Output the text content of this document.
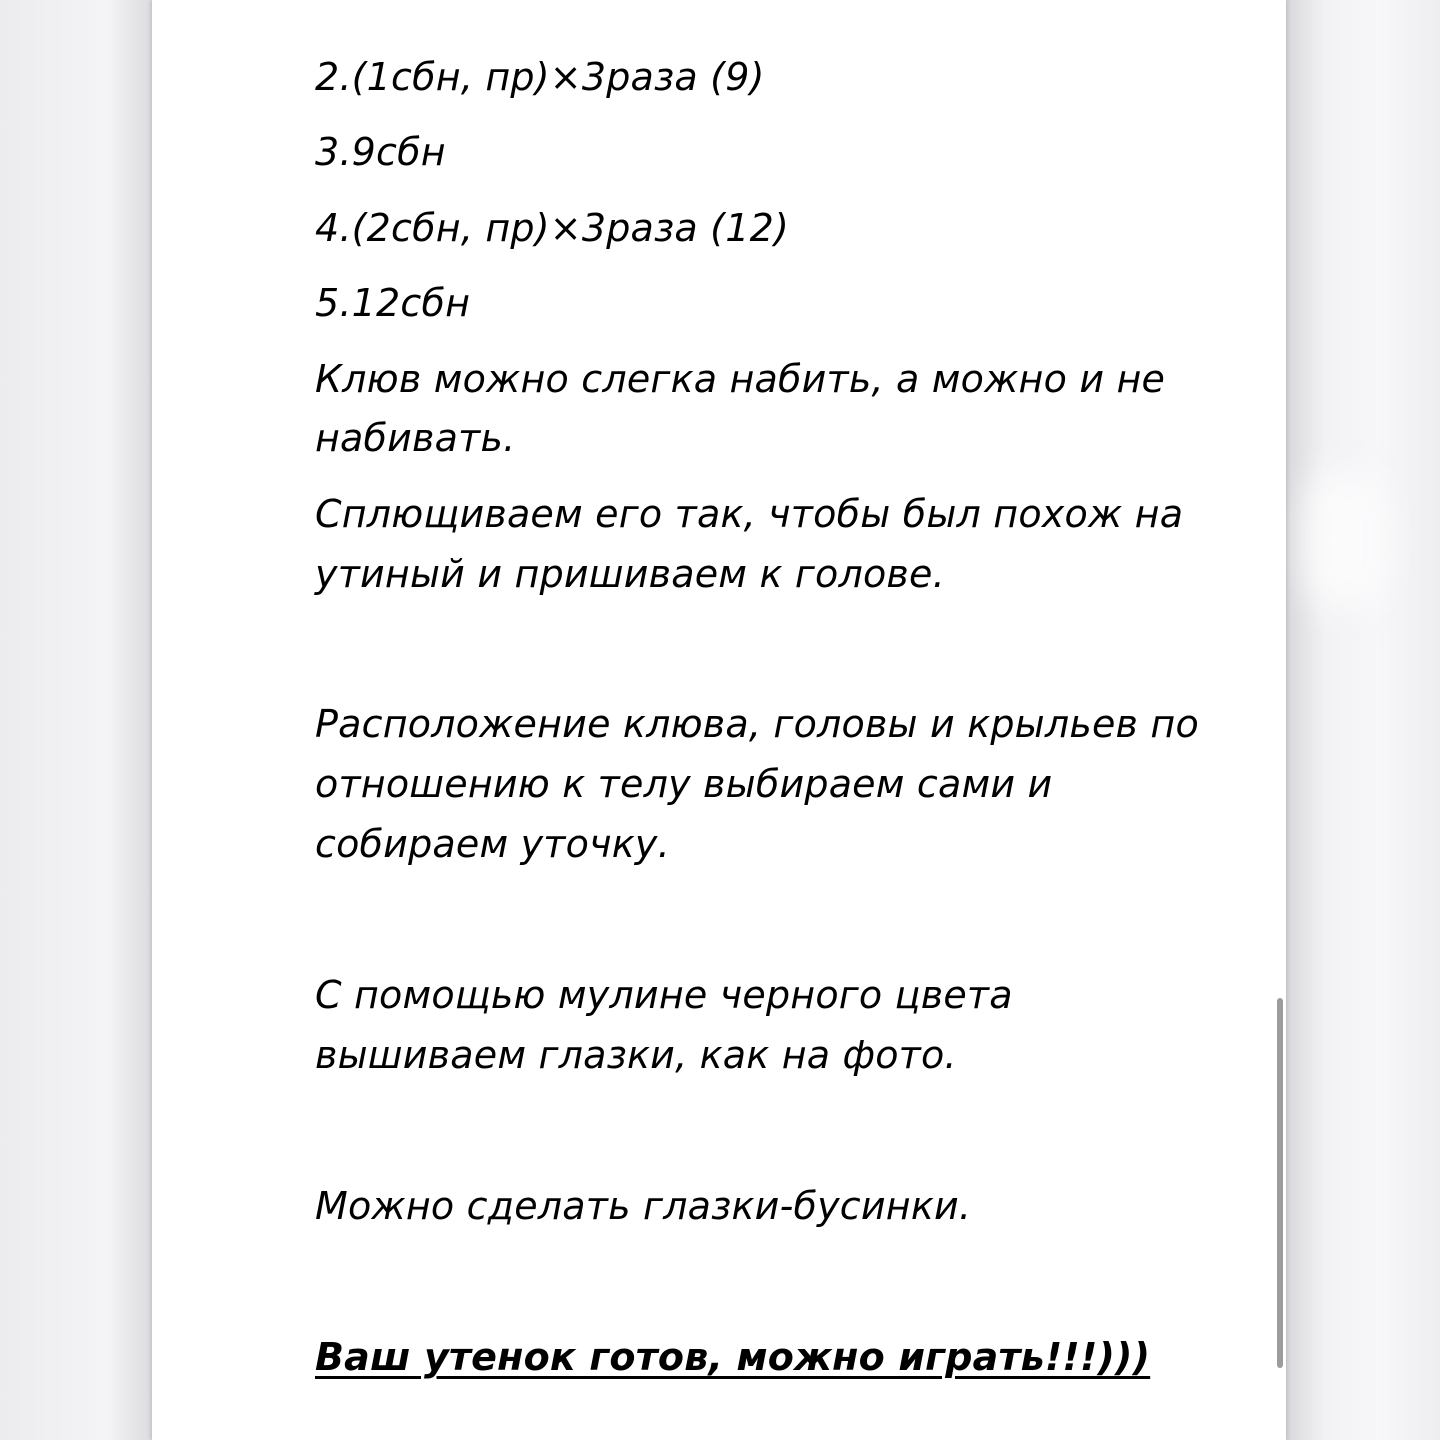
2.(1сбн, пр)×3раза (9)
3.9сбн
4.(2сбн, пр)×3раза (12)
5.12сбн
Клюв можно слегка набить, а можно и не
набивать.
Сплющиваем его так, чтобы был похож на
утиный и пришиваем к голове.
Расположение клюва, головы и крыльев по
отношению к телу выбираем сами и
собираем уточку.
С помощью мулине черного цвета
вышиваем глазки, как на фото.
Можно сделать глазки-бусинки.
Ваш утенок готов, можно играть!!!)))
